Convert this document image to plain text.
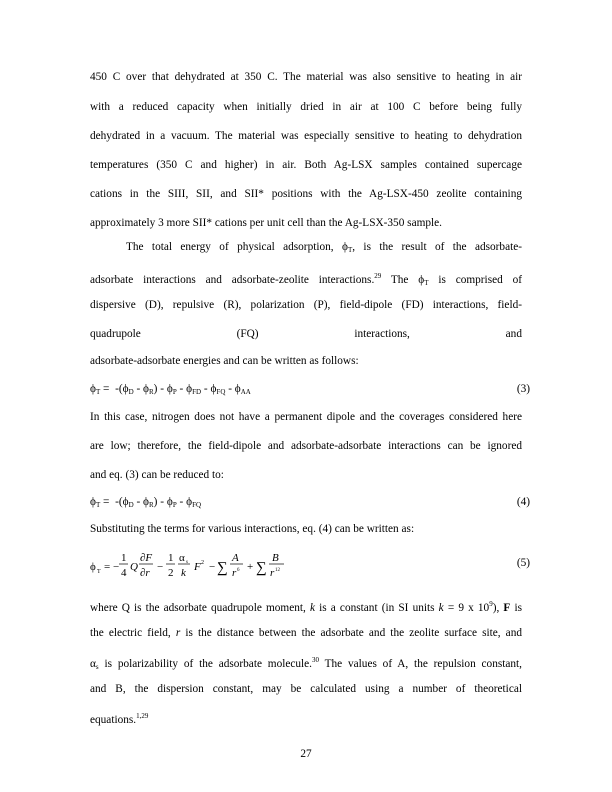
450 C over that dehydrated at 350 C. The material was also sensitive to heating in air
with a reduced capacity when initially dried in air at 100 C before being fully
dehydrated in a vacuum. The material was especially sensitive to heating to dehydration
temperatures (350 C and higher) in air. Both Ag-LSX samples contained supercage
cations in the SIII, SII, and SII* positions with the Ag-LSX-450 zeolite containing
approximately 3 more SII* cations per unit cell than the Ag-LSX-350 sample.
The total energy of physical adsorption, $\phi_T$, is the result of the adsorbate-
adsorbate interactions and adsorbate-zeolite interactions.$^{29}$ The $\phi_T$ is comprised of
dispersive (D), repulsive (R), polarization (P), field-dipole (FD) interactions, field-
quadrupole	(FQ)	interactions,	and
adsorbate-adsorbate energies and can be written as follows:
$\phi_T = -(\phi_D - \phi_R) - \phi_P - \phi_{FD} - \phi_{FQ} - \phi_{AA}$	(3)
In this case, nitrogen does not have a permanent dipole and the coverages considered here
are low; therefore, the field-dipole and adsorbate-adsorbate interactions can be ignored
and eq. (3) can be reduced to:
$\phi_T = -(\phi_D - \phi_R) - \phi_P - \phi_{FQ}$	(4)
Substituting the terms for various interactions, eq. (4) can be written as:
ϕ T = −
1
4 Q
∂F
∂r −
1
2
α s
k F 2 − ∑
A
r 6 + ∑
B
r 12
(5)
where Q is the adsorbate quadrupole moment, k is a constant (in SI units k = 9 x $10^9$), F is
the electric field, r is the distance between the adsorbate and the zeolite surface site, and
$\alpha_s$ is polarizability of the adsorbate molecule.$^{30}$ The values of A, the repulsion constant,
and B, the dispersion constant, may be calculated using a number of theoretical
equations.$^{1,29}$
27
